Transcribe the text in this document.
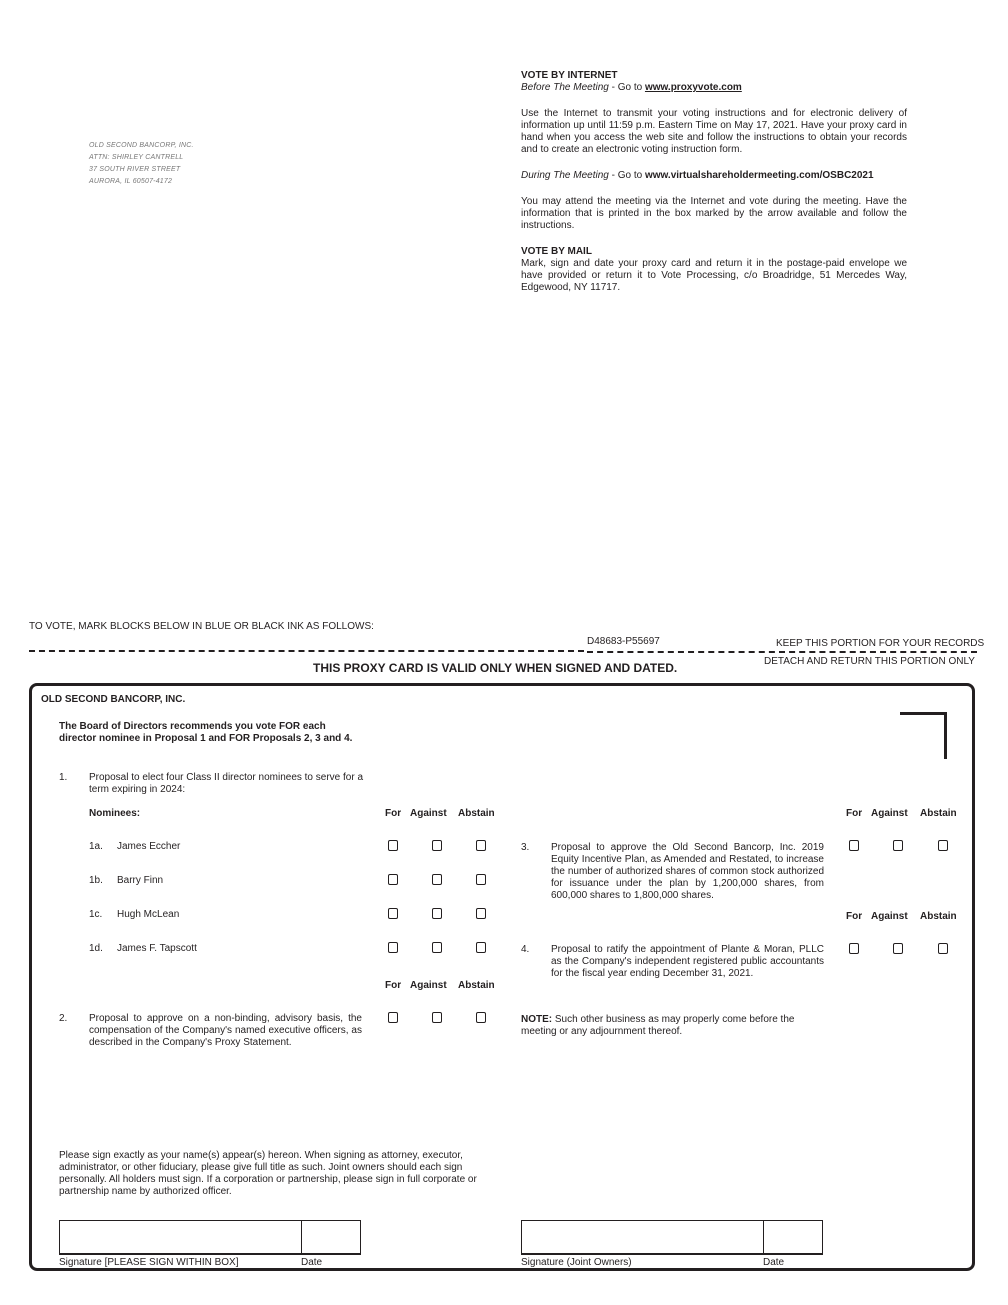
OLD SECOND BANCORP, INC.
ATTN: SHIRLEY CANTRELL
37 SOUTH RIVER STREET
AURORA, IL 60507-4172
VOTE BY INTERNET
Before The Meeting - Go to www.proxyvote.com
Use the Internet to transmit your voting instructions and for electronic delivery of information up until 11:59 p.m. Eastern Time on May 17, 2021. Have your proxy card in hand when you access the web site and follow the instructions to obtain your records and to create an electronic voting instruction form.
During The Meeting - Go to www.virtualshareholdermeeting.com/OSBC2021
You may attend the meeting via the Internet and vote during the meeting. Have the information that is printed in the box marked by the arrow available and follow the instructions.
VOTE BY MAIL
Mark, sign and date your proxy card and return it in the postage-paid envelope we have provided or return it to Vote Processing, c/o Broadridge, 51 Mercedes Way, Edgewood, NY 11717.
TO VOTE, MARK BLOCKS BELOW IN BLUE OR BLACK INK AS FOLLOWS:
D48683-P55697	KEEP THIS PORTION FOR YOUR RECORDS
DETACH AND RETURN THIS PORTION ONLY
THIS PROXY CARD IS VALID ONLY WHEN SIGNED AND DATED.
OLD SECOND BANCORP, INC.
The Board of Directors recommends you vote FOR each director nominee in Proposal 1 and FOR Proposals 2, 3 and 4.
1. Proposal to elect four Class II director nominees to serve for a term expiring in 2024:
Nominees:	For Against Abstain	For Against Abstain
1a. James Eccher
1b. Barry Finn
1c. Hugh McLean
1d. James F. Tapscott
For Against Abstain
2. Proposal to approve on a non-binding, advisory basis, the compensation of the Company's named executive officers, as described in the Company's Proxy Statement.
3. Proposal to approve the Old Second Bancorp, Inc. 2019 Equity Incentive Plan, as Amended and Restated, to increase the number of authorized shares of common stock authorized for issuance under the plan by 1,200,000 shares, from 600,000 shares to 1,800,000 shares.
For Against Abstain
4. Proposal to ratify the appointment of Plante & Moran, PLLC as the Company's independent registered public accountants for the fiscal year ending December 31, 2021.
NOTE: Such other business as may properly come before the meeting or any adjournment thereof.
Please sign exactly as your name(s) appear(s) hereon. When signing as attorney, executor, administrator, or other fiduciary, please give full title as such. Joint owners should each sign personally. All holders must sign. If a corporation or partnership, please sign in full corporate or partnership name by authorized officer.
Signature [PLEASE SIGN WITHIN BOX]	Date	Signature (Joint Owners)	Date
